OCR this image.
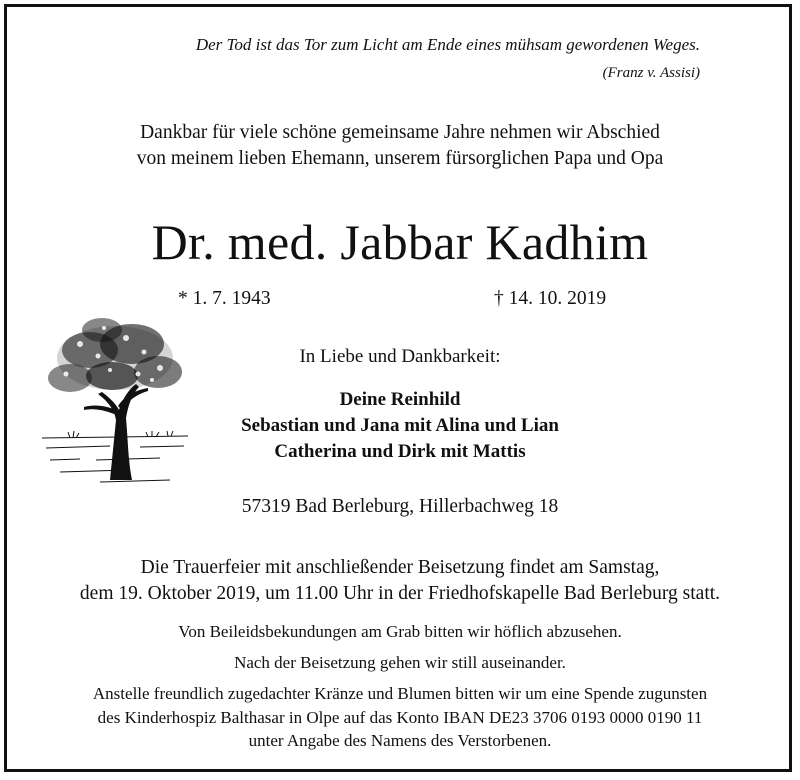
Der Tod ist das Tor zum Licht am Ende eines mühsam gewordenen Weges.
(Franz v. Assisi)
Dankbar für viele schöne gemeinsame Jahre nehmen wir Abschied
von meinem lieben Ehemann, unserem fürsorglichen Papa und Opa
Dr. med. Jabbar Kadhim
* 1. 7. 1943	† 14. 10. 2019
In Liebe und Dankbarkeit:
Deine Reinhild
Sebastian und Jana mit Alina und Lian
Catherina und Dirk mit Mattis
57319 Bad Berleburg, Hillerbachweg 18
Die Trauerfeier mit anschließender Beisetzung findet am Samstag,
dem 19. Oktober 2019, um 11.00 Uhr in der Friedhofskapelle Bad Berleburg statt.
Von Beileidsbekundungen am Grab bitten wir höflich abzusehen.
Nach der Beisetzung gehen wir still auseinander.
Anstelle freundlich zugedachter Kränze und Blumen bitten wir um eine Spende zugunsten
des Kinderhospiz Balthasar in Olpe auf das Konto IBAN DE23 3706 0193 0000 0190 11
unter Angabe des Namens des Verstorbenen.
